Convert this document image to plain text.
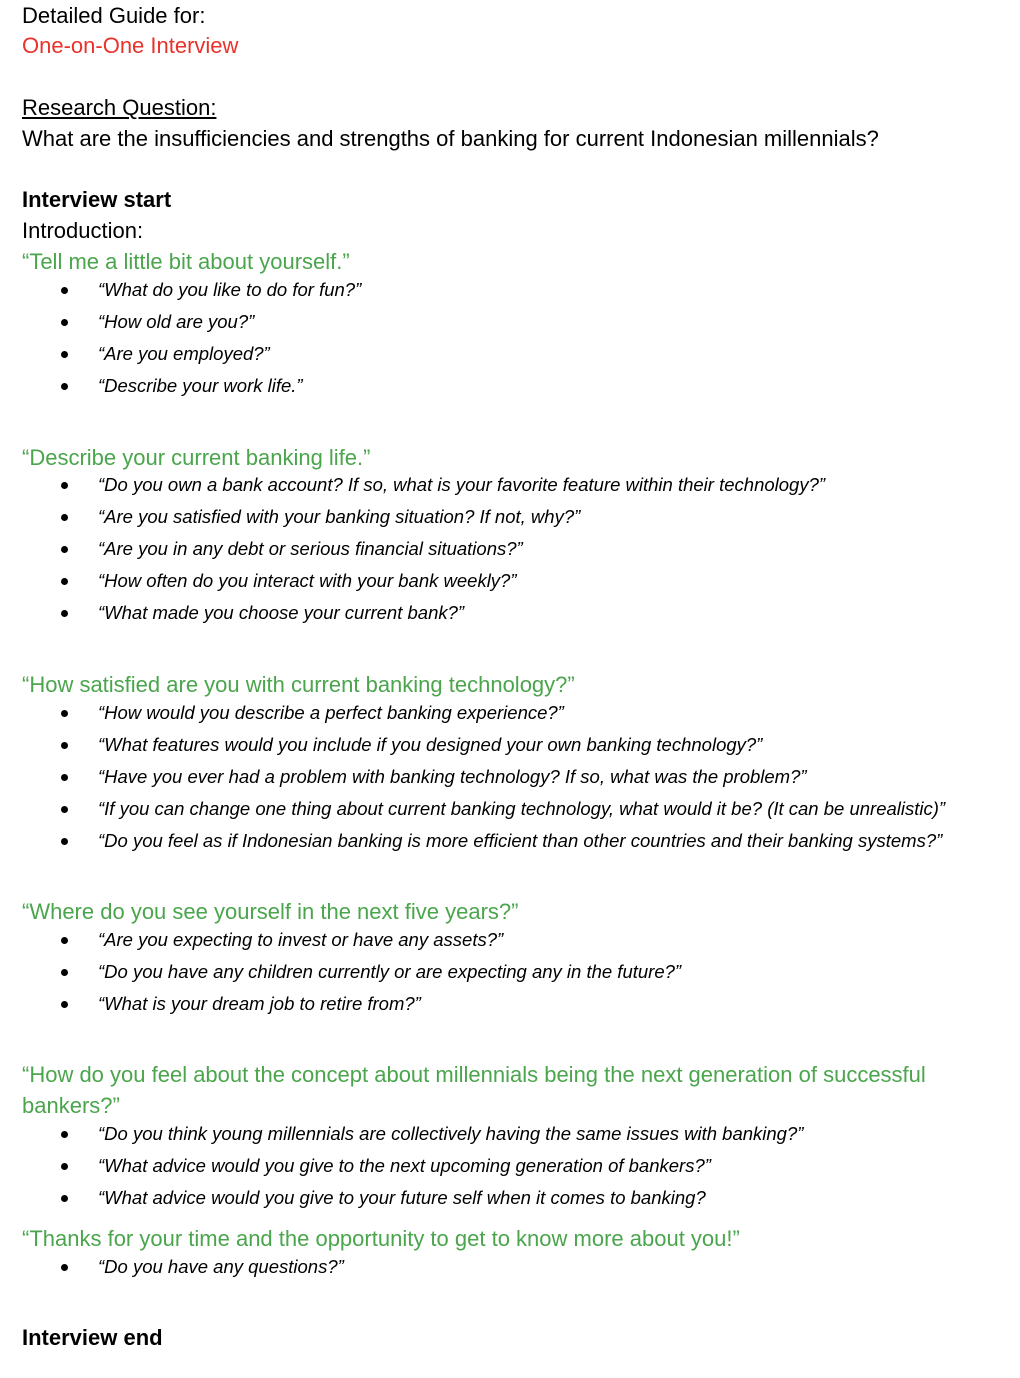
Detailed Guide for:
One-on-One Interview
Research Question:
What are the insufficiencies and strengths of banking for current Indonesian millennials?
Interview start
Introduction:
“Tell me a little bit about yourself.”
“What do you like to do for fun?”
“How old are you?”
“Are you employed?”
“Describe your work life.”
“Describe your current banking life.”
“Do you own a bank account? If so, what is your favorite feature within their technology?”
“Are you satisfied with your banking situation? If not, why?”
“Are you in any debt or serious financial situations?”
“How often do you interact with your bank weekly?”
“What made you choose your current bank?”
“How satisfied are you with current banking technology?”
“How would you describe a perfect banking experience?”
“What features would you include if you designed your own banking technology?”
“Have you ever had a problem with banking technology? If so, what was the problem?”
“If you can change one thing about current banking technology, what would it be? (It can be unrealistic)”
“Do you feel as if Indonesian banking is more efficient than other countries and their banking systems?”
“Where do you see yourself in the next five years?”
“Are you expecting to invest or have any assets?”
“Do you have any children currently or are expecting any in the future?”
“What is your dream job to retire from?”
“How do you feel about the concept about millennials being the next generation of successful bankers?”
“Do you think young millennials are collectively having the same issues with banking?”
“What advice would you give to the next upcoming generation of bankers?”
“What advice would you give to your future self when it comes to banking?
“Thanks for your time and the opportunity to get to know more about you!”
“Do you have any questions?”
Interview end
